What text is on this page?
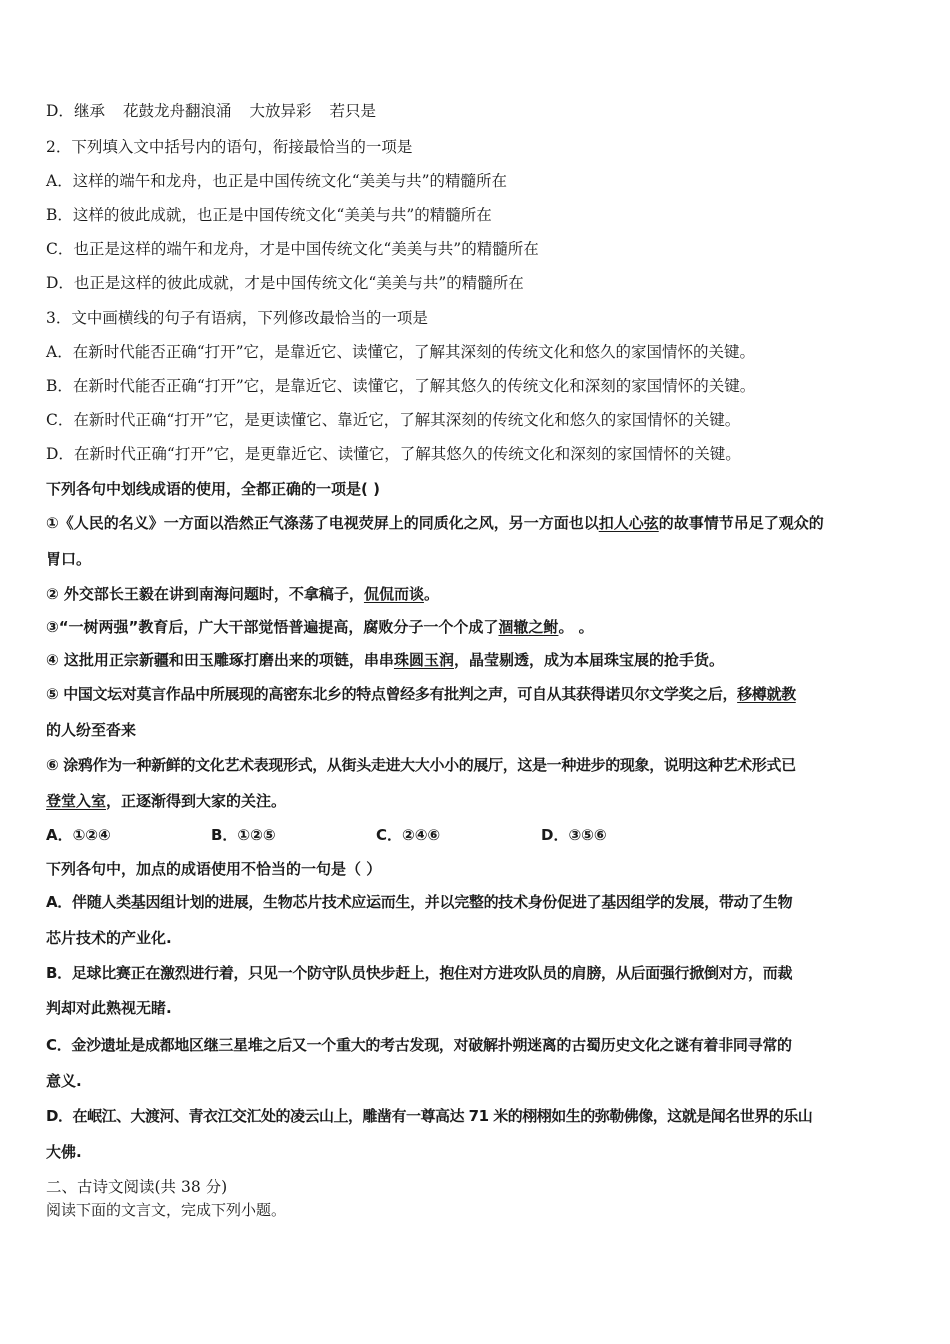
D．继承 花鼓龙舟翻浪涌 大放异彩 若只是
2．下列填入文中括号内的语句，衔接最恰当的一项是
A．这样的端午和龙舟，也正是中国传统文化“美美与共”的精髓所在
B．这样的彼此成就，也正是中国传统文化“美美与共”的精髓所在
C．也正是这样的端午和龙舟，才是中国传统文化“美美与共”的精髓所在
D．也正是这样的彼此成就，才是中国传统文化“美美与共”的精髓所在
3．文中画横线的句子有语病，下列修改最恰当的一项是
A．在新时代能否正确“打开”它，是靠近它、读懂它，了解其深刻的传统文化和悠久的家国情怀的关键。
B．在新时代能否正确“打开”它，是靠近它、读懂它，了解其悠久的传统文化和深刻的家国情怀的关键。
C．在新时代正确“打开”它，是更读懂它、靠近它，了解其深刻的传统文化和悠久的家国情怀的关键。
D．在新时代正确“打开”它，是更靠近它、读懂它，了解其悠久的传统文化和深刻的家国情怀的关键。
下列各句中划线成语的使用，全都正确的一项是( )
①《人民的名义》一方面以浩然正气涤荡了电视荧屏上的同质化之风，另一方面也以扣人心弦的故事情节吊足了观众的
胃口。
② 外交部长王毅在讲到南海问题时，不拿稿子，侃侃而谈。
③“一树两强”教育后，广大干部觉悟普遍提高，腐败分子一个个成了涸辙之鲋。 。
④ 这批用正宗新疆和田玉雕琢打磨出来的项链，串串珠圆玉润，晶莹剔透，成为本届珠宝展的抢手货。
⑤ 中国文坛对莫言作品中所展现的高密东北乡的特点曾经多有批判之声，可自从其获得诺贝尔文学奖之后，移樽就教
的人纷至沓来
⑥ 涂鸦作为一种新鲜的文化艺术表现形式，从街头走进大大小小的展厅，这是一种进步的现象，说明这种艺术形式已
登堂入室，正逐渐得到大家的关注。
A．①②④	B．①②⑤	C．②④⑥	D．③⑤⑥
下列各句中，加点的成语使用不恰当的一句是（ ）
A．伴随人类基因组计划的进展，生物芯片技术应运而生，并以完整的技术身份促进了基因组学的发展，带动了生物
芯片技术的产业化.
B．足球比赛正在激烈进行着，只见一个防守队员快步赶上，抱住对方进攻队员的肩膀，从后面强行掀倒对方，而裁
判却对此熟视无睹.
C．金沙遗址是成都地区继三星堆之后又一个重大的考古发现，对破解扑朔迷离的古蜀历史文化之谜有着非同寻常的
意义.
D．在岷江、大渡河、青衣江交汇处的凌云山上，雕凿有一尊高达 71 米的栩栩如生的弥勒佛像，这就是闻名世界的乐山
大佛.
二、古诗文阅读(共 38 分)
阅读下面的文言文，完成下列小题。
